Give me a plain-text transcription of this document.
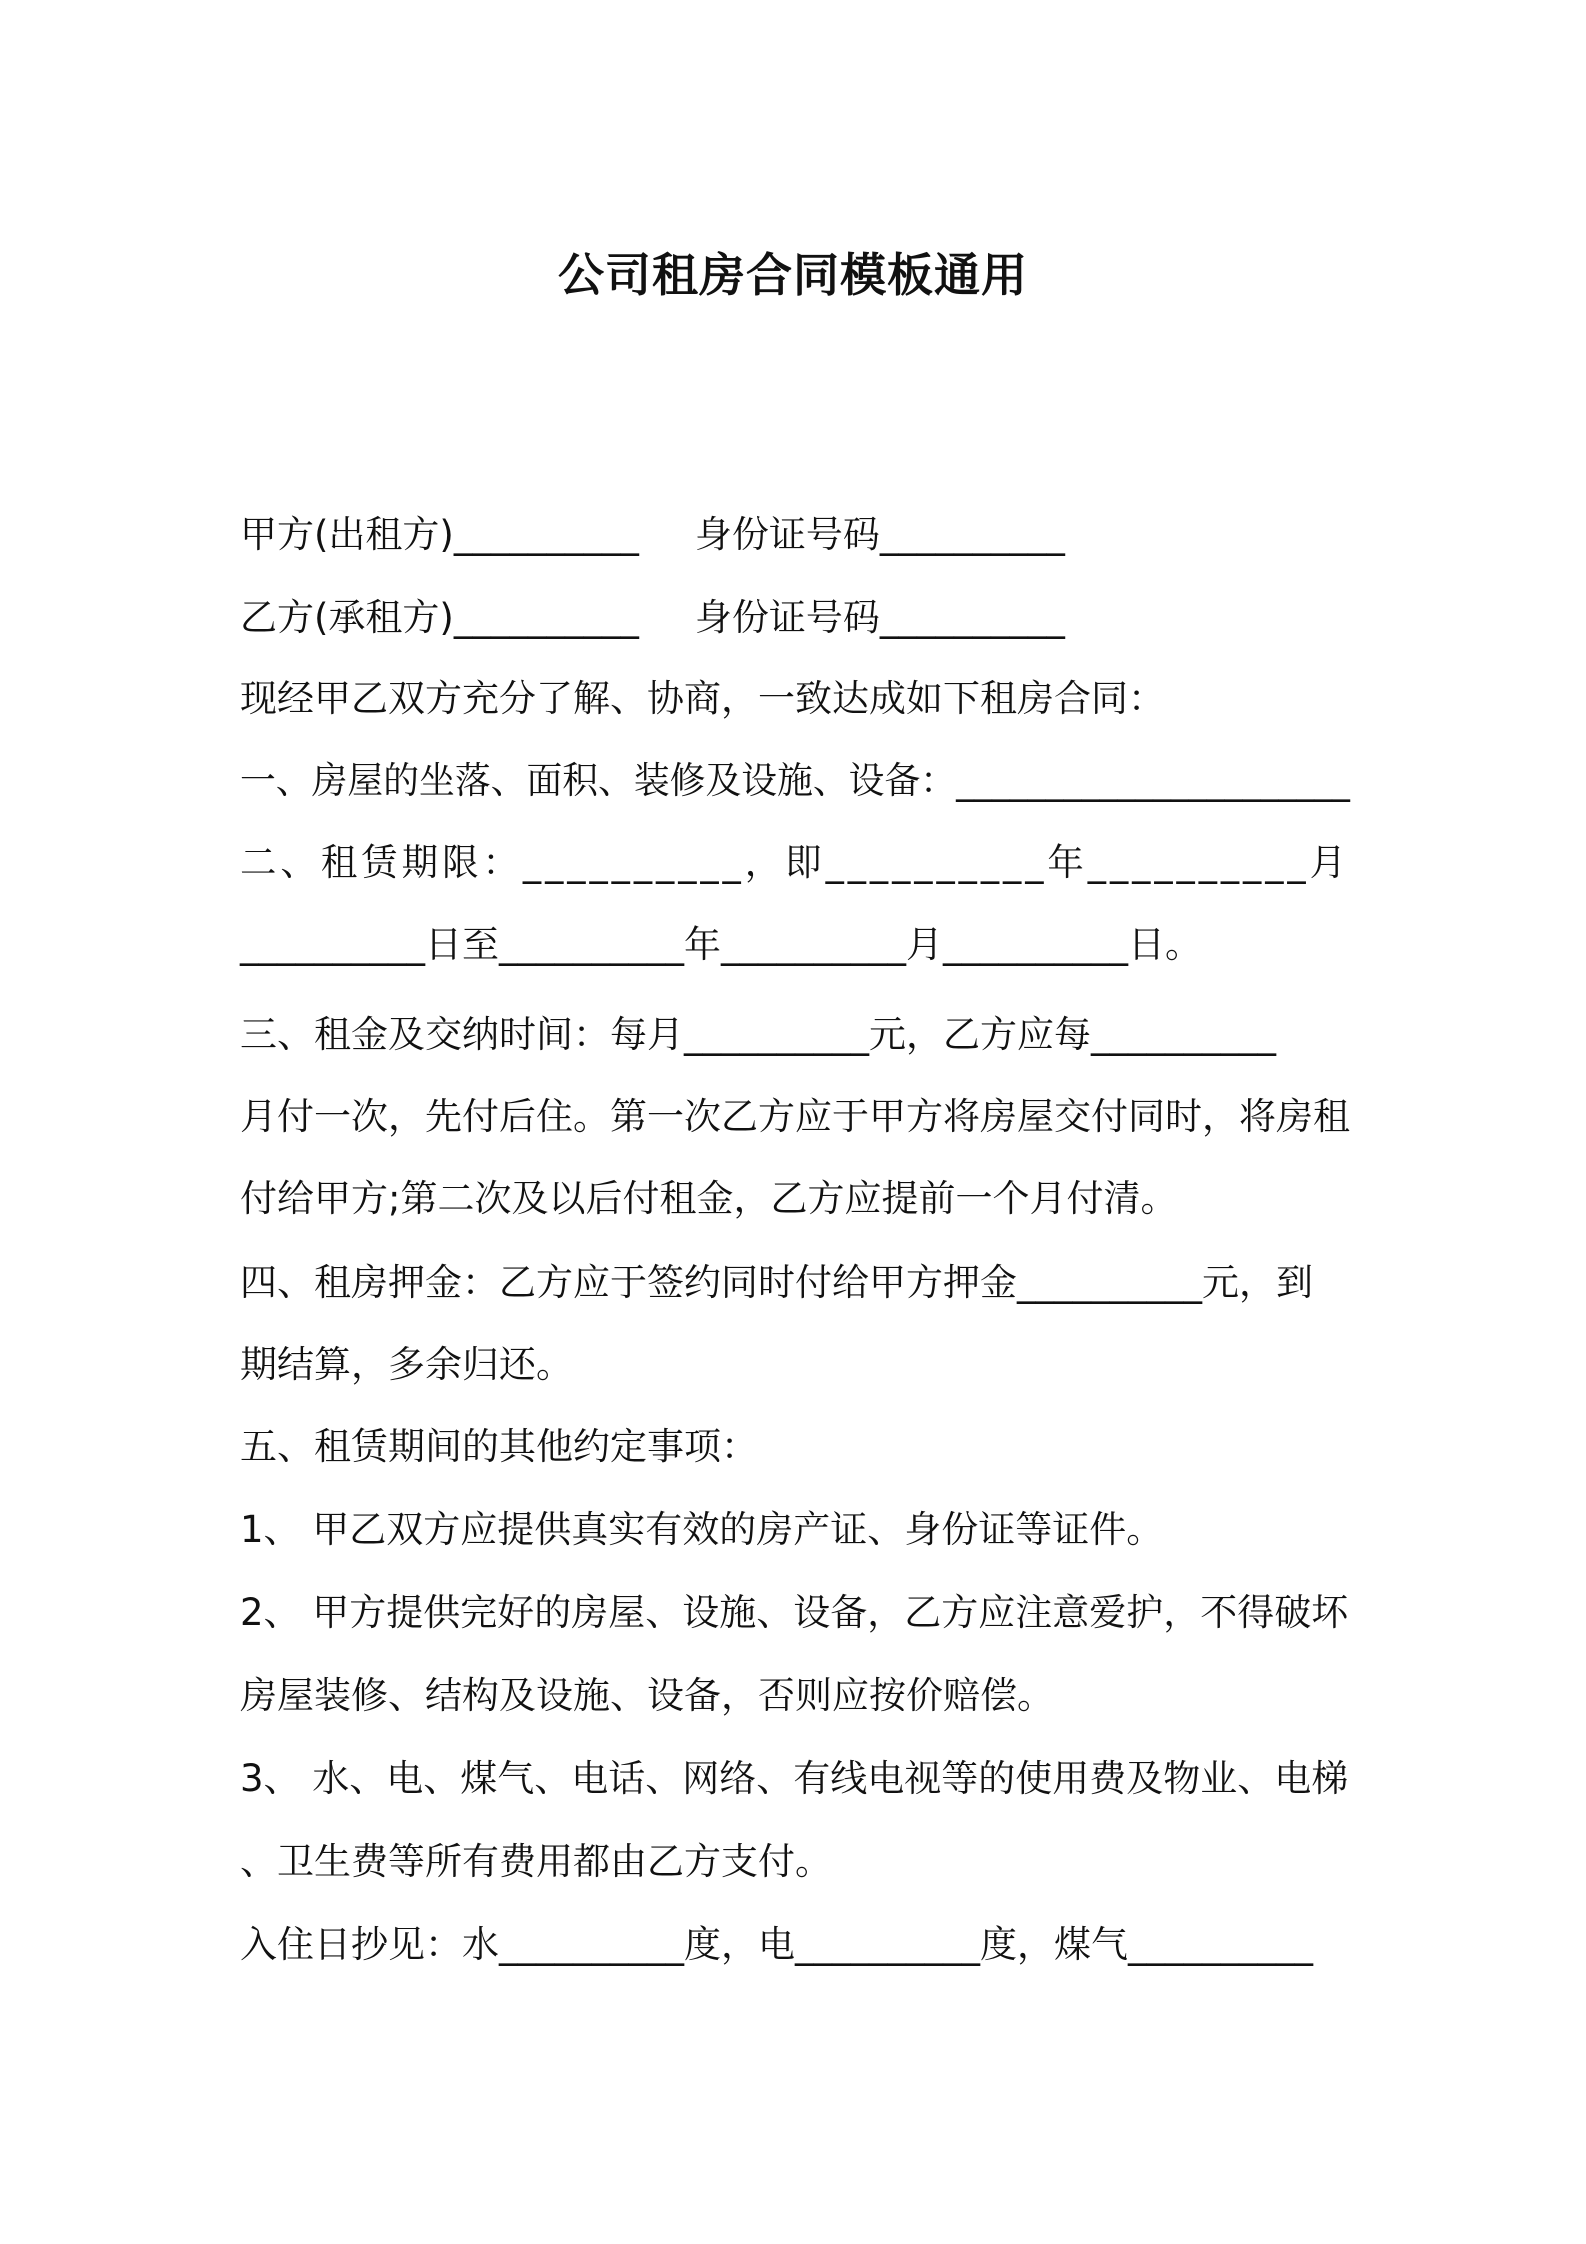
公司租房合同模板通用
甲方(出租方)__________ 身份证号码__________
乙方(承租方)__________ 身份证号码__________
现经甲乙双方充分了解、协商，一致达成如下租房合同：
一、房屋的坐落、面积、装修及设施、设备：______________________
二、租赁期限：__________，即__________年__________月
__________日至__________年__________月__________日。
三、租金及交纳时间：每月__________元，乙方应每__________
月付一次，先付后住。第一次乙方应于甲方将房屋交付同时，将房租
付给甲方;第二次及以后付租金，乙方应提前一个月付清。
四、租房押金：乙方应于签约同时付给甲方押金__________元，到
期结算，多余归还。
五、租赁期间的其他约定事项：
1、 甲乙双方应提供真实有效的房产证、身份证等证件。
2、 甲方提供完好的房屋、设施、设备，乙方应注意爱护，不得破坏
房屋装修、结构及设施、设备，否则应按价赔偿。
3、 水、电、煤气、电话、网络、有线电视等的使用费及物业、电梯
、卫生费等所有费用都由乙方支付。
入住日抄见：水__________度，电__________度，煤气__________
